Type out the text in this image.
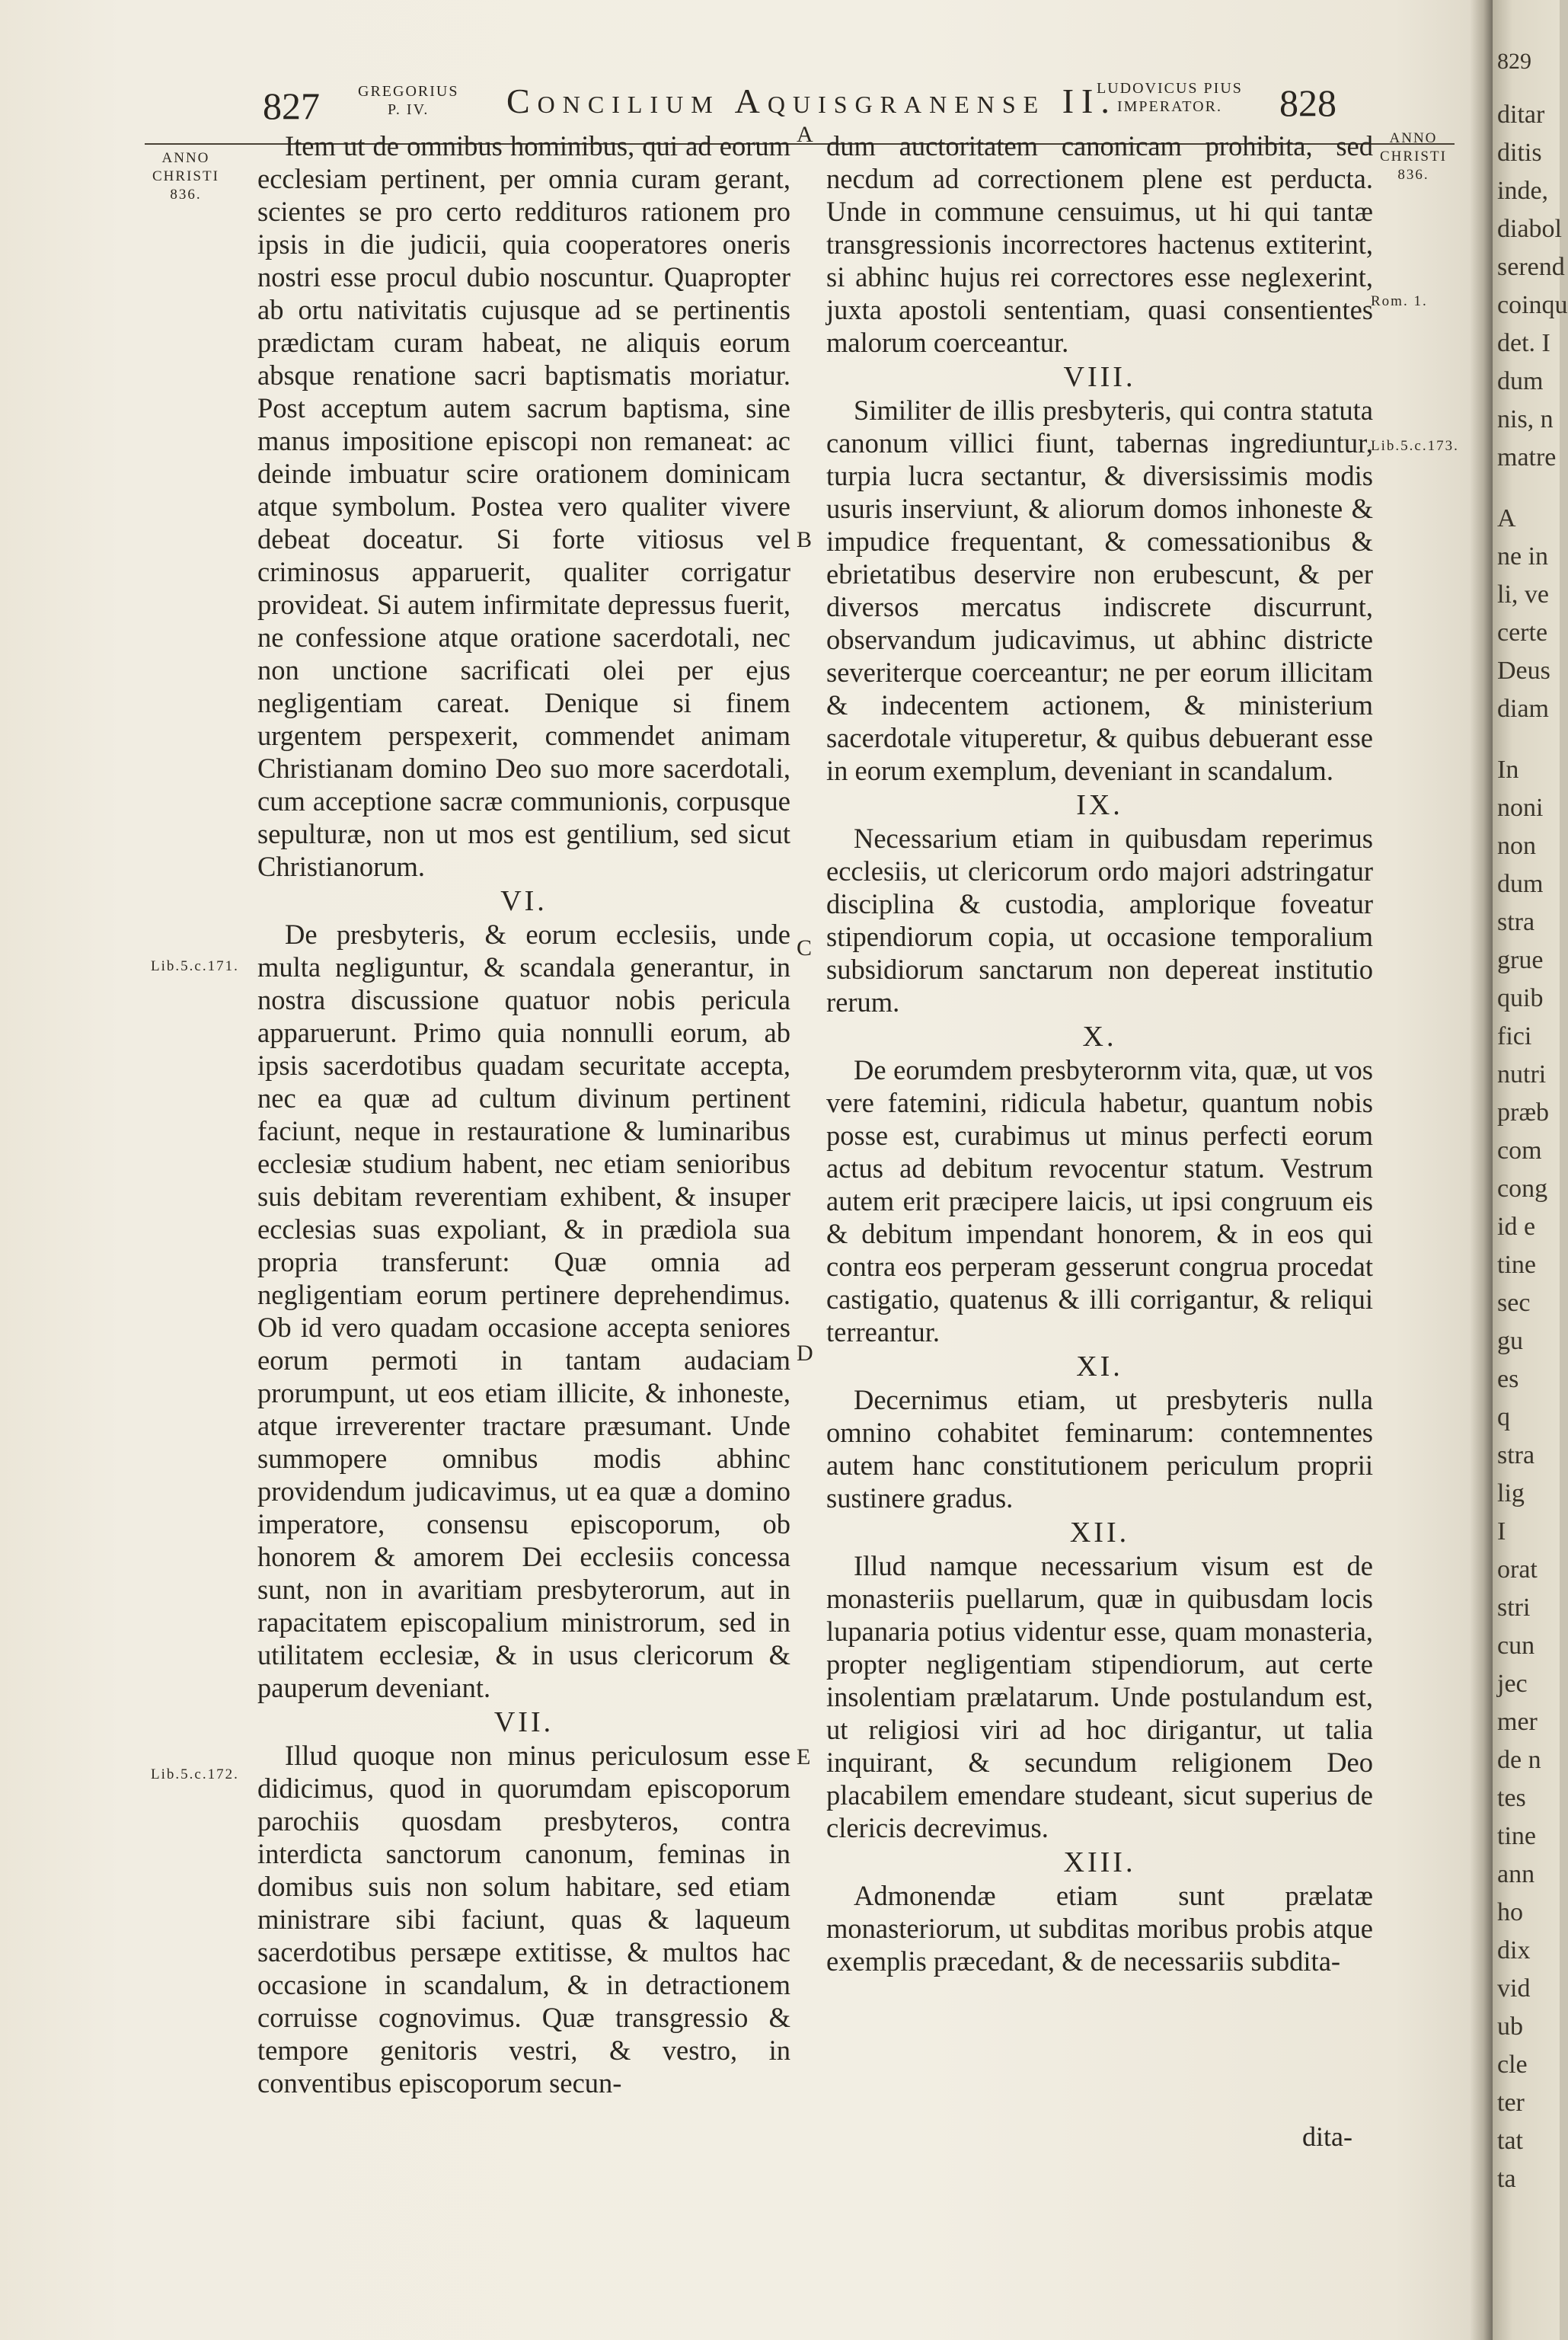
827	GREGORIUS
P. IV.	Concilium Aquisgranense II.
LUDOVICUS PIUS
IMPERATOR.	828
ANNO
CHRISTI
836.
Lib.5.c.171.
Lib.5.c.172.
A
B
C
D
E
ANNO
CHRISTI
836.
Rom. 1.
Lib.5.c.173.

Item ut de omnibus hominibus, qui ad eorum ecclesiam pertinent, per omnia curam gerant, scientes se pro certo reddituros rationem pro ipsis in die judicii, quia cooperatores oneris nostri esse procul dubio noscuntur. Quapropter ab ortu nativitatis cujusque ad se pertinentis prædictam curam habeat, ne aliquis eorum absque renatione sacri baptismatis moriatur. Post acceptum autem sacrum baptisma, sine manus impositione episcopi non remaneat: ac deinde imbuatur scire orationem dominicam atque symbolum. Postea vero qualiter vivere debeat doceatur. Si forte vitiosus vel criminosus apparuerit, qualiter corrigatur provideat. Si autem infirmitate depressus fuerit, ne confessione atque oratione sacerdotali, nec non unctione sacrificati olei per ejus negligentiam careat. Denique si finem urgentem perspexerit, commendet animam Christianam domino Deo suo more sacerdotali, cum acceptione sacræ communionis, corpusque sepulturæ, non ut mos est gentilium, sed sicut Christianorum.

VI.

De presbyteris, & eorum ecclesiis, unde multa negliguntur, & scandala generantur, in nostra discussione quatuor nobis pericula apparuerunt. Primo quia nonnulli eorum, ab ipsis sacerdotibus quadam securitate accepta, nec ea quæ ad cultum divinum pertinent faciunt, neque in restauratione & luminaribus ecclesiæ studium habent, nec etiam senioribus suis debitam reverentiam exhibent, & insuper ecclesias suas expoliant, & in prædiola sua propria transferunt: Quæ omnia ad negligentiam eorum pertinere deprehendimus. Ob id vero quadam occasione accepta seniores eorum permoti in tantam audaciam prorumpunt, ut eos etiam illicite, & inhoneste, atque irreverenter tractare præsumant. Unde summopere omnibus modis abhinc providendum judicavimus, ut ea quæ a domino imperatore, consensu episcoporum, ob honorem & amorem Dei ecclesiis concessa sunt, non in avaritiam presbyterorum, aut in rapacitatem episcopalium ministrorum, sed in utilitatem ecclesiæ, & in usus clericorum & pauperum deveniant.

VII.

Illud quoque non minus periculosum esse didicimus, quod in quorumdam episcoporum parochiis quosdam presbyteros, contra interdicta sanctorum canonum, feminas in domibus suis non solum habitare, sed etiam ministrare sibi faciunt, quas & laqueum sacerdotibus persæpe extitisse, & multos hac occasione in scandalum, & in detractionem corruisse cognovimus. Quæ transgressio & tempore genitoris vestri, & vestro, in conventibus episcoporum secun-

dum auctoritatem canonicam prohibita, sed necdum ad correctionem plene est perducta. Unde in commune censuimus, ut hi qui tantæ transgressionis incorrectores hactenus extiterint, si abhinc hujus rei correctores esse neglexerint, juxta apostoli sententiam, quasi consentientes malorum coerceantur.

VIII.

Similiter de illis presbyteris, qui contra statuta canonum villici fiunt, tabernas ingrediuntur, turpia lucra sectantur, & diversissimis modis usuris inserviunt, & aliorum domos inhoneste & impudice frequentant, & comessationibus & ebrietatibus deservire non erubescunt, & per diversos mercatus indiscrete discurrunt, observandum judicavimus, ut abhinc districte severiterque coerceantur; ne per eorum illicitam & indecentem actionem, & ministerium sacerdotale vituperetur, & quibus debuerant esse in eorum exemplum, deveniant in scandalum.

IX.

Necessarium etiam in quibusdam reperimus ecclesiis, ut clericorum ordo majori adstringatur disciplina & custodia, amplorique foveatur stipendiorum copia, ut occasione temporalium subsidiorum sanctarum non depereat institutio rerum.

X.

De eorumdem presbyterornm vita, quæ, ut vos vere fatemini, ridicula habetur, quantum nobis posse est, curabimus ut minus perfecti eorum actus ad debitum revocentur statum. Vestrum autem erit præcipere laicis, ut ipsi congruum eis & debitum impendant honorem, & in eos qui contra eos perperam gesserunt congrua procedat castigatio, quatenus & illi corrigantur, & reliqui terreantur.

XI.

Decernimus etiam, ut presbyteris nulla omnino cohabitet feminarum: contemnentes autem hanc constitutionem periculum proprii sustinere gradus.

XII.

Illud namque necessarium visum est de monasteriis puellarum, quæ in quibusdam locis lupanaria potius videntur esse, quam monasteria, propter negligentiam stipendiorum, aut certe insolentiam prælatarum. Unde postulandum est, ut religiosi viri ad hoc dirigantur, ut talia inquirant, & secundum religionem Deo placabilem emendare studeant, sicut superius de clericis decrevimus.

XIII.

Admonendæ etiam sunt prælatæ monasteriorum, ut subditas moribus probis atque exemplis præcedant, & de necessariis subdita-

dita-
829
ditar
ditis
inde,
diabol
serend
coinqu
det. I
dum
nis, n
matre
A
ne in
li, ve
certe
Deus
diam
In
noni
non
dum
stra
grue
quib
fici
nutri
præb
com
cong
id e
tine
sec
gu
es
q
stra
lig
I
orat
stri
cun
jec
mer
de n
tes
tine
ann
ho
dix
vid
ub
cle
ter
tat
ta
